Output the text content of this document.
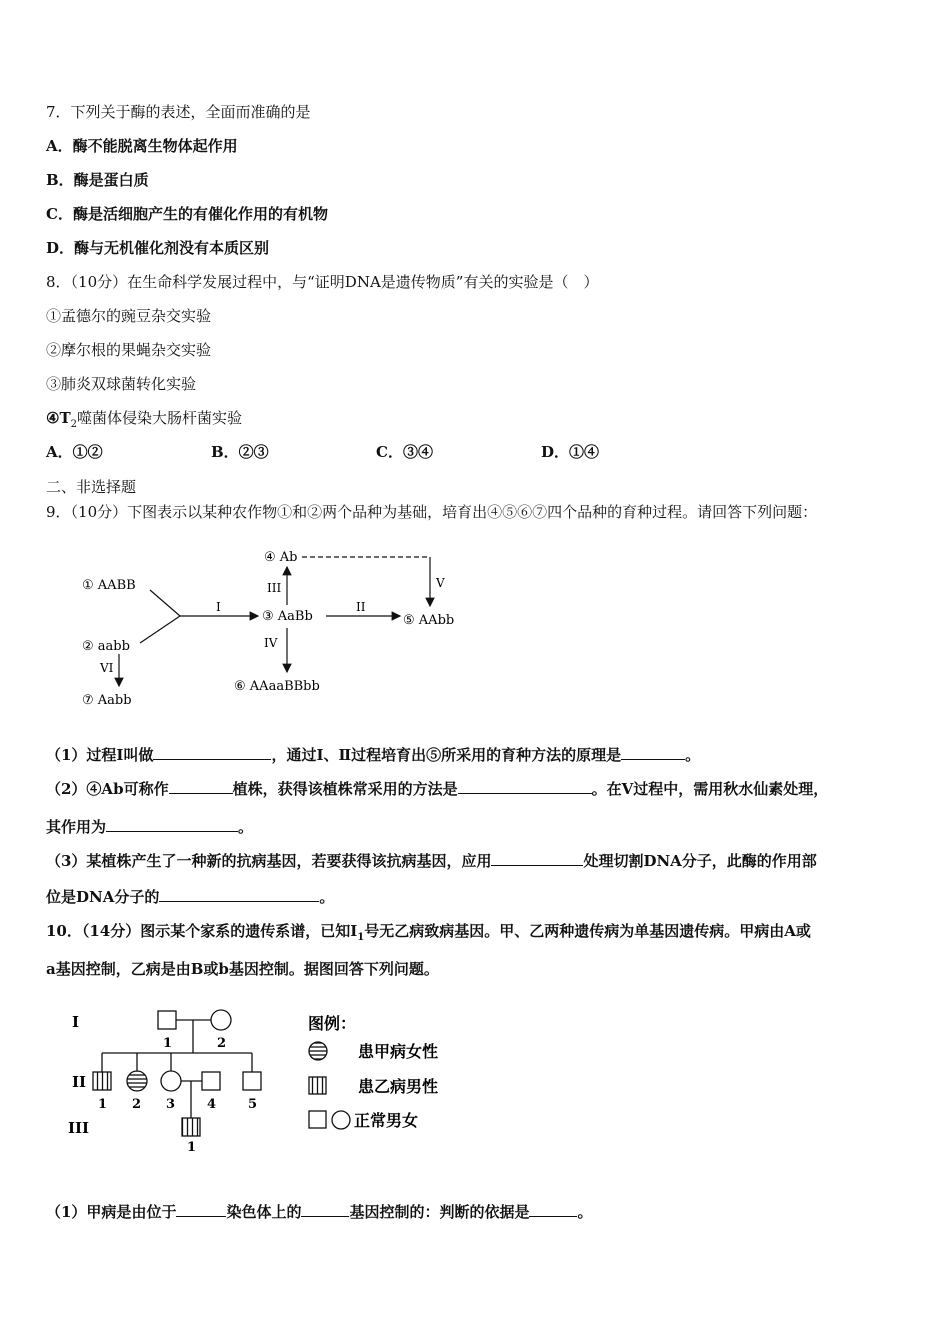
7．下列关于酶的表述，全面而准确的是
A．酶不能脱离生物体起作用
B．酶是蛋白质
C．酶是活细胞产生的有催化作用的有机物
D．酶与无机催化剂没有本质区别
8．（10分）在生命科学发展过程中，与“证明DNA是遗传物质”有关的实验是（　）
①孟德尔的豌豆杂交实验
②摩尔根的果蝇杂交实验
③肺炎双球菌转化实验
$④T_2$噬菌体侵染大肠杆菌实验
A．①②	B．②③	C．③④	D．①④
二、非选择题
9．（10分）下图表示以某种农作物①和②两个品种为基础，培育出④⑤⑥⑦四个品种的育种过程。请回答下列问题：
① AABB
② aabb
③ AaBb
④ Ab
⑤ AAbb
⑥ AAaaBBbb
⑦ Aabb
I	II
III	V
IV
VI
（1）过程I叫做	，通过I、Ⅱ过程培育出⑤所采用的育种方法的原理是	。
（2）④Ab可称作	植株，获得该植株常采用的方法是	。在V过程中，需用秋水仙素处理，
其作用为	。
（3）某植株产生了一种新的抗病基因，若要获得该抗病基因，应用	处理切割DNA分子，此酶的作用部
位是DNA分子的	。
10．（14分）图示某个家系的遗传系谱，已知$Ⅰ_1$号无乙病致病基因。甲、乙两种遗传病为单基因遗传病。甲病由A或
a基因控制，乙病是由B或b基因控制。据图回答下列问题。
I
II
III
1	2
1 2 3 4 5
1
图例：
患甲病女性
患乙病男性
正常男女
（1）甲病是由位于	染色体上的	基因控制的：判断的依据是	。
